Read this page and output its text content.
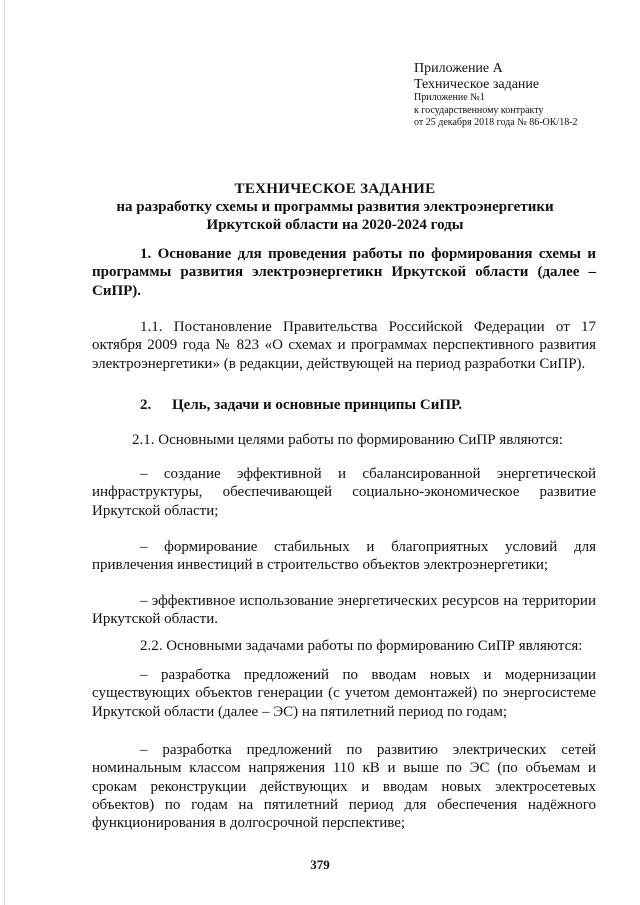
Приложение А
Техническое задание
Приложение №1
к государственному контракту
от 25 декабря 2018 года № 86-ОК/18-2
ТЕХНИЧЕСКОЕ ЗАДАНИЕ
на разработку схемы и программы развития электроэнергетики
Иркутской области на 2020-2024 годы
1. Основание для проведения работы по формирования схемы и программы развития электроэнергетикн Иркутской области (далее – СиПР).
1.1. Постановление Правительства Российской Федерации от 17 октября 2009 года № 823 «О схемах и программах перспективного развития электроэнергетики» (в редакции, действующей на период разработки СиПР).
2. Цель, задачи и основные принципы СиПР.
2.1. Основными целями работы по формированию СиПР являются:
– создание эффективной и сбалансированной энергетической инфраструктуры, обеспечивающей социально-экономическое развитие Иркутской области;
– формирование стабильных и благоприятных условий для привлечения инвестиций в строительство объектов электроэнергетики;
– эффективное использование энергетических ресурсов на территории Иркутской области.
2.2. Основными задачами работы по формированию СиПР являются:
– разработка предложений по вводам новых и модернизации существующих объектов генерации (с учетом демонтажей) по энергосистеме Иркутской области (далее – ЭС) на пятилетний период по годам;
– разработка предложений по развитию электрических сетей номинальным классом напряжения 110 кВ и выше по ЭС (по объемам и срокам реконструкции действующих и вводам новых электросетевых объектов) по годам на пятилетний период для обеспечения надёжного функционирования в долгосрочной перспективе;
379
